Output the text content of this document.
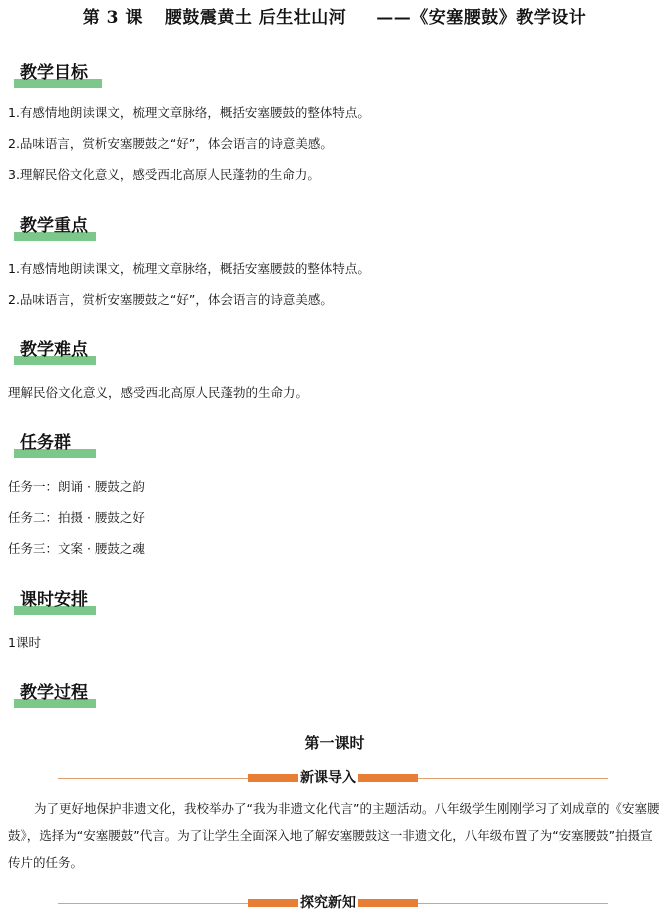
第 3 课 腰鼓震黄土 后生壮山河 ——《安塞腰鼓》教学设计
教学目标
1.有感情地朗读课文，梳理文章脉络，概括安塞腰鼓的整体特点。
2.品味语言，赏析安塞腰鼓之“好”，体会语言的诗意美感。
3.理解民俗文化意义，感受西北高原人民蓬勃的生命力。
教学重点
1.有感情地朗读课文，梳理文章脉络，概括安塞腰鼓的整体特点。
2.品味语言，赏析安塞腰鼓之“好”，体会语言的诗意美感。
教学难点
理解民俗文化意义，感受西北高原人民蓬勃的生命力。
任务群
任务一：朗诵 · 腰鼓之韵
任务二：拍摄 · 腰鼓之好
任务三：文案 · 腰鼓之魂
课时安排
1课时
教学过程
第一课时
新课导入
为了更好地保护非遗文化，我校举办了“我为非遗文化代言”的主题活动。八年级学生刚刚学习了刘成章的《安塞腰鼓》，选择为“安塞腰鼓”代言。为了让学生全面深入地了解安塞腰鼓这一非遗文化，八年级布置了为“安塞腰鼓”拍摄宣传片的任务。
探究新知
